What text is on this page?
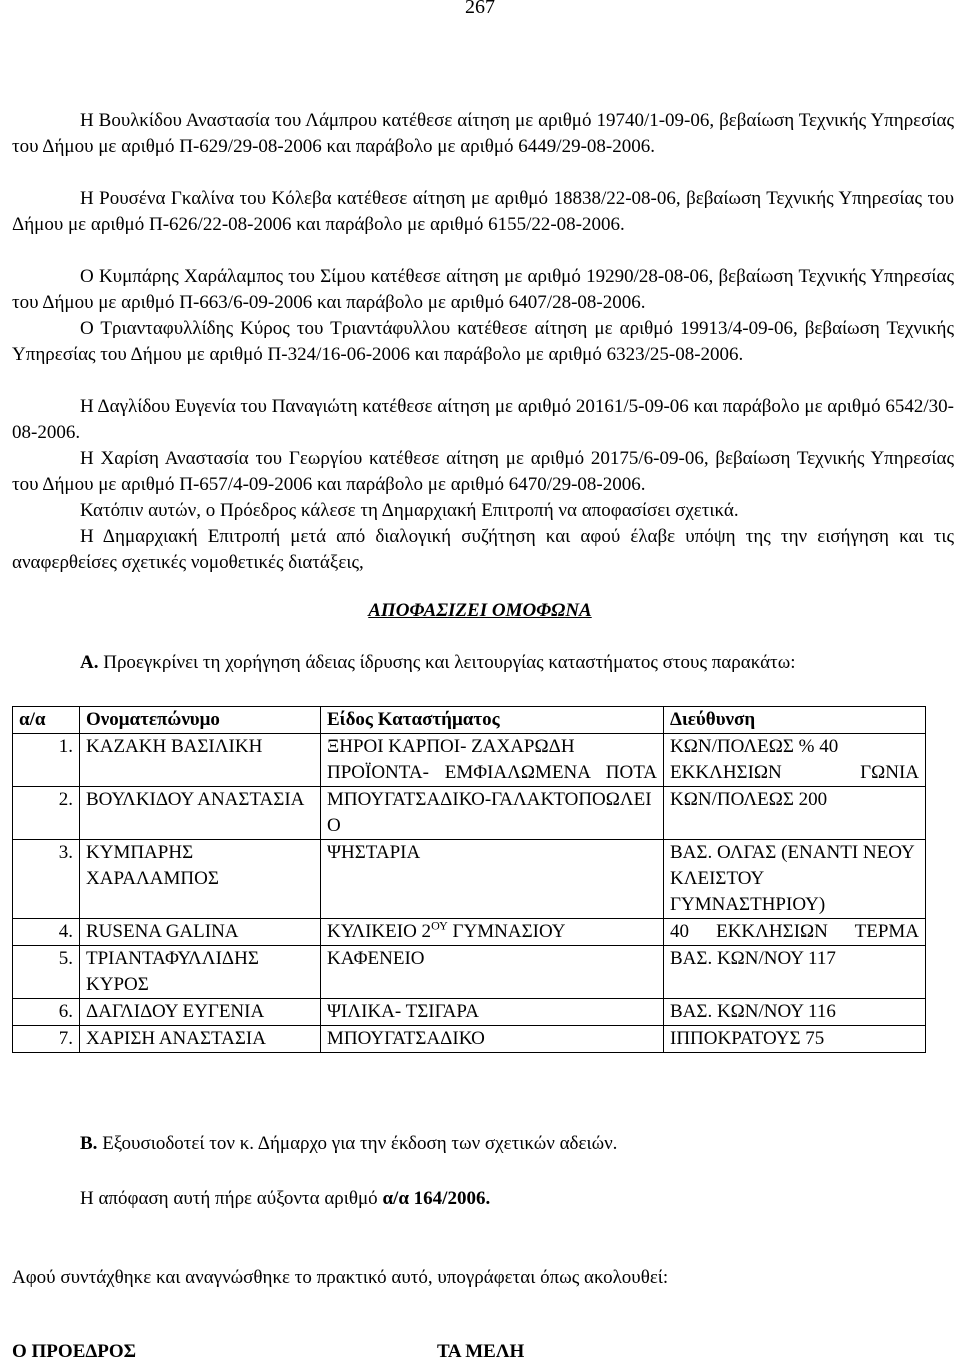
267

Η Βουλκίδου Αναστασία του Λάμπρου κατέθεσε αίτηση με αριθμό 19740/1-09-06, βεβαίωση Τεχνικής Υπηρεσίας του Δήμου με αριθμό Π-629/29-08-2006 και παράβολο με αριθμό 6449/29-08-2006.

Η Ρουσένα Γκαλίνα του Κόλεβα κατέθεσε αίτηση με αριθμό 18838/22-08-06, βεβαίωση Τεχνικής Υπηρεσίας του Δήμου με αριθμό Π-626/22-08-2006 και παράβολο με αριθμό 6155/22-08-2006.

Ο Κυμπάρης Χαράλαμπος του Σίμου κατέθεσε αίτηση με αριθμό 19290/28-08-06, βεβαίωση Τεχνικής Υπηρεσίας του Δήμου με αριθμό Π-663/6-09-2006 και παράβολο με αριθμό 6407/28-08-2006.

Ο Τριανταφυλλίδης Κύρος του Τριαντάφυλλου κατέθεσε αίτηση με αριθμό 19913/4-09-06, βεβαίωση Τεχνικής Υπηρεσίας του Δήμου με αριθμό Π-324/16-06-2006 και παράβολο με αριθμό 6323/25-08-2006.

Η Δαγλίδου Ευγενία του Παναγιώτη κατέθεσε αίτηση με αριθμό 20161/5-09-06 και παράβολο με αριθμό 6542/30-08-2006.

Η Χαρίση Αναστασία του Γεωργίου κατέθεσε αίτηση με αριθμό 20175/6-09-06, βεβαίωση Τεχνικής Υπηρεσίας του Δήμου με αριθμό Π-657/4-09-2006 και παράβολο με αριθμό 6470/29-08-2006.

Κατόπιν αυτών, ο Πρόεδρος κάλεσε τη Δημαρχιακή Επιτροπή να αποφασίσει σχετικά.

Η Δημαρχιακή Επιτροπή μετά από διαλογική συζήτηση και αφού έλαβε υπόψη της την εισήγηση και τις αναφερθείσες σχετικές νομοθετικές διατάξεις,

ΑΠΟΦΑΣΙΖΕΙ ΟΜΟΦΩΝΑ
Α. Προεγκρίνει τη χορήγηση άδειας ίδρυσης και λειτουργίας καταστήματος στους παρακάτω:
α/α	Ονοματεπώνυμο	Είδος Καταστήματος	Διεύθυνση
1.	ΚΑΖΑΚΗ ΒΑΣΙΛΙΚΗ	ΞΗΡΟΙ ΚΑΡΠΟΙ- ΖΑΧΑΡΩΔΗ ΠΡΟΪΟΝΤΑ- ΕΜΦΙΑΛΩΜΕΝΑ ΠΟΤΑ	ΚΩΝ/ΠΟΛΕΩΣ % 40 ΕΚΚΛΗΣΙΩΝ ΓΩΝΙΑ
2.	ΒΟΥΛΚΙΔΟΥ ΑΝΑΣΤΑΣΙΑ	ΜΠΟΥΓΑΤΣΑΔΙΚΟ-ΓΑΛΑΚΤΟΠΟΩΛΕΙΟ	ΚΩΝ/ΠΟΛΕΩΣ 200
3.	ΚΥΜΠΑΡΗΣ ΧΑΡΑΛΑΜΠΟΣ	ΨΗΣΤΑΡΙΑ	ΒΑΣ. ΟΛΓΑΣ (ΕΝΑΝΤΙ ΝΕΟΥ ΚΛΕΙΣΤΟΥ ΓΥΜΝΑΣΤΗΡΙΟΥ)
4.	RUSENA GALINA	ΚΥΛΙΚΕΙΟ $2^{O\Upsilon}$ ΓΥΜΝΑΣΙΟΥ	40 ΕΚΚΛΗΣΙΩΝ ΤΕΡΜΑ
5.	ΤΡΙΑΝΤΑΦΥΛΛΙΔΗΣ ΚΥΡΟΣ	ΚΑΦΕΝΕΙΟ	ΒΑΣ. ΚΩΝ/ΝΟΥ 117
6.	ΔΑΓΛΙΔΟΥ ΕΥΓΕΝΙΑ	ΨΙΛΙΚΑ- ΤΣΙΓΑΡΑ	ΒΑΣ. ΚΩΝ/ΝΟΥ 116
7.	ΧΑΡΙΣΗ ΑΝΑΣΤΑΣΙΑ	ΜΠΟΥΓΑΤΣΑΔΙΚΟ	ΙΠΠΟΚΡΑΤΟΥΣ 75
Β. Εξουσιοδοτεί τον κ. Δήμαρχο για την έκδοση των σχετικών αδειών.
Η απόφαση αυτή πήρε αύξοντα αριθμό α/α 164/2006.
Αφού συντάχθηκε και αναγνώσθηκε το πρακτικό αυτό, υπογράφεται όπως ακολουθεί:
Ο ΠΡΟΕΔΡΟΣ	ΤΑ ΜΕΛΗ
